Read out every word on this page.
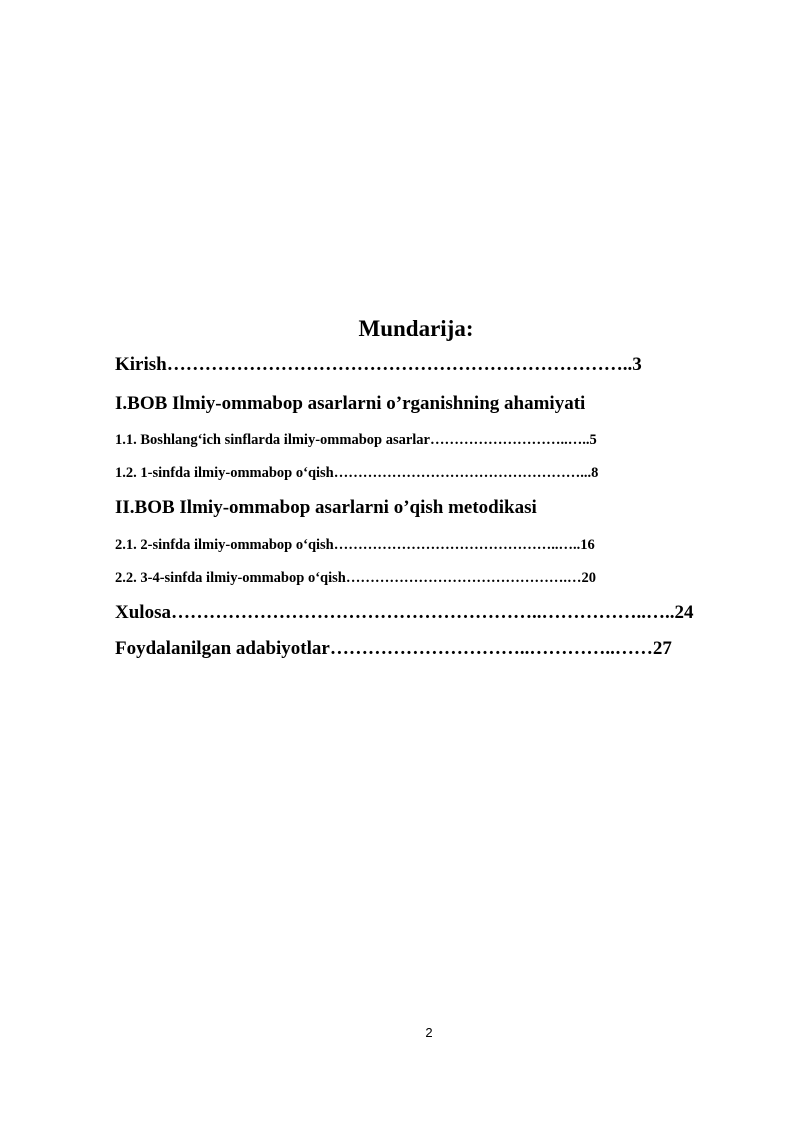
Mundarija:
Kirish………………………………………………………………..3
I.BOB Ilmiy-ommabop asarlarni o’rganishning ahamiyati
1.1. Boshlang‘ich sinflarda ilmiy-ommabop asarlar………………………..…..5
1.2. 1-sinfda ilmiy-ommabop o‘qish……………………………………………...8
II.BOB Ilmiy-ommabop asarlarni o’qish metodikasi
2.1. 2-sinfda ilmiy-ommabop o‘qish………………………………………..…..16
2.2. 3-4-sinfda ilmiy-ommabop o‘qish……………………………………….…20
Xulosa…………………………………………………..……………..…..24
Foydalanilgan adabiyotlar…………………………..…………..……27
2
